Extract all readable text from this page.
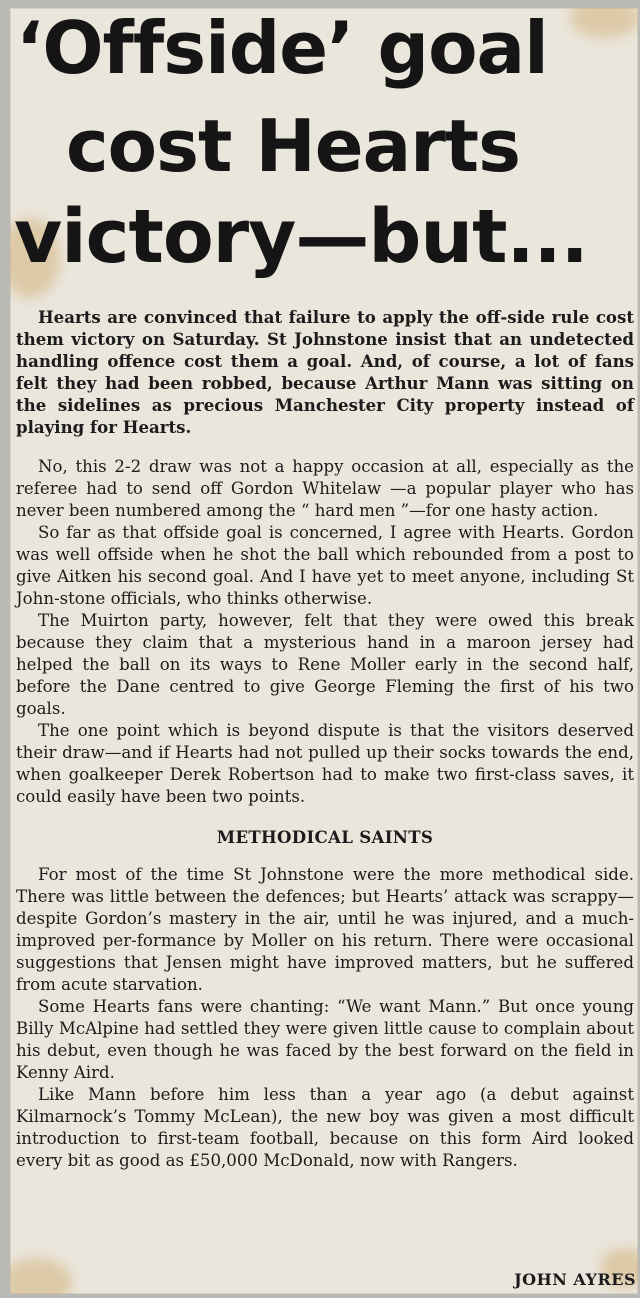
‘Offside’ goal
cost Hearts
victory—but...

Hearts are convinced that failure to apply the off-side rule cost them victory on Saturday. St Johnstone insist that an undetected handling offence cost them a goal. And, of course, a lot of fans felt they had been robbed, because Arthur Mann was sitting on the sidelines as precious Manchester City property instead of playing for Hearts.

No, this 2-2 draw was not a happy occasion at all, especially as the referee had to send off Gordon Whitelaw —a popular player who has never been numbered among the “ hard men ”—for one hasty action.

So far as that offside goal is concerned, I agree with Hearts. Gordon was well offside when he shot the ball which rebounded from a post to give Aitken his second goal. And I have yet to meet anyone, including St John-stone officials, who thinks otherwise.

The Muirton party, however, felt that they were owed this break because they claim that a mysterious hand in a maroon jersey had helped the ball on its ways to Rene Moller early in the second half, before the Dane centred to give George Fleming the first of his two goals.

The one point which is beyond dispute is that the visitors deserved their draw—and if Hearts had not pulled up their socks towards the end, when goalkeeper Derek Robertson had to make two first-class saves, it could easily have been two points.

METHODICAL SAINTS

For most of the time St Johnstone were the more methodical side. There was little between the defences; but Hearts’ attack was scrappy—despite Gordon’s mastery in the air, until he was injured, and a much-improved per-formance by Moller on his return. There were occasional suggestions that Jensen might have improved matters, but he suffered from acute starvation.

Some Hearts fans were chanting: “We want Mann.” But once young Billy McAlpine had settled they were given little cause to complain about his debut, even though he was faced by the best forward on the field in Kenny Aird.

Like Mann before him less than a year ago (a debut against Kilmarnock’s Tommy McLean), the new boy was given a most difficult introduction to first-team football, because on this form Aird looked every bit as good as £50,000 McDonald, now with Rangers.

JOHN AYRES
